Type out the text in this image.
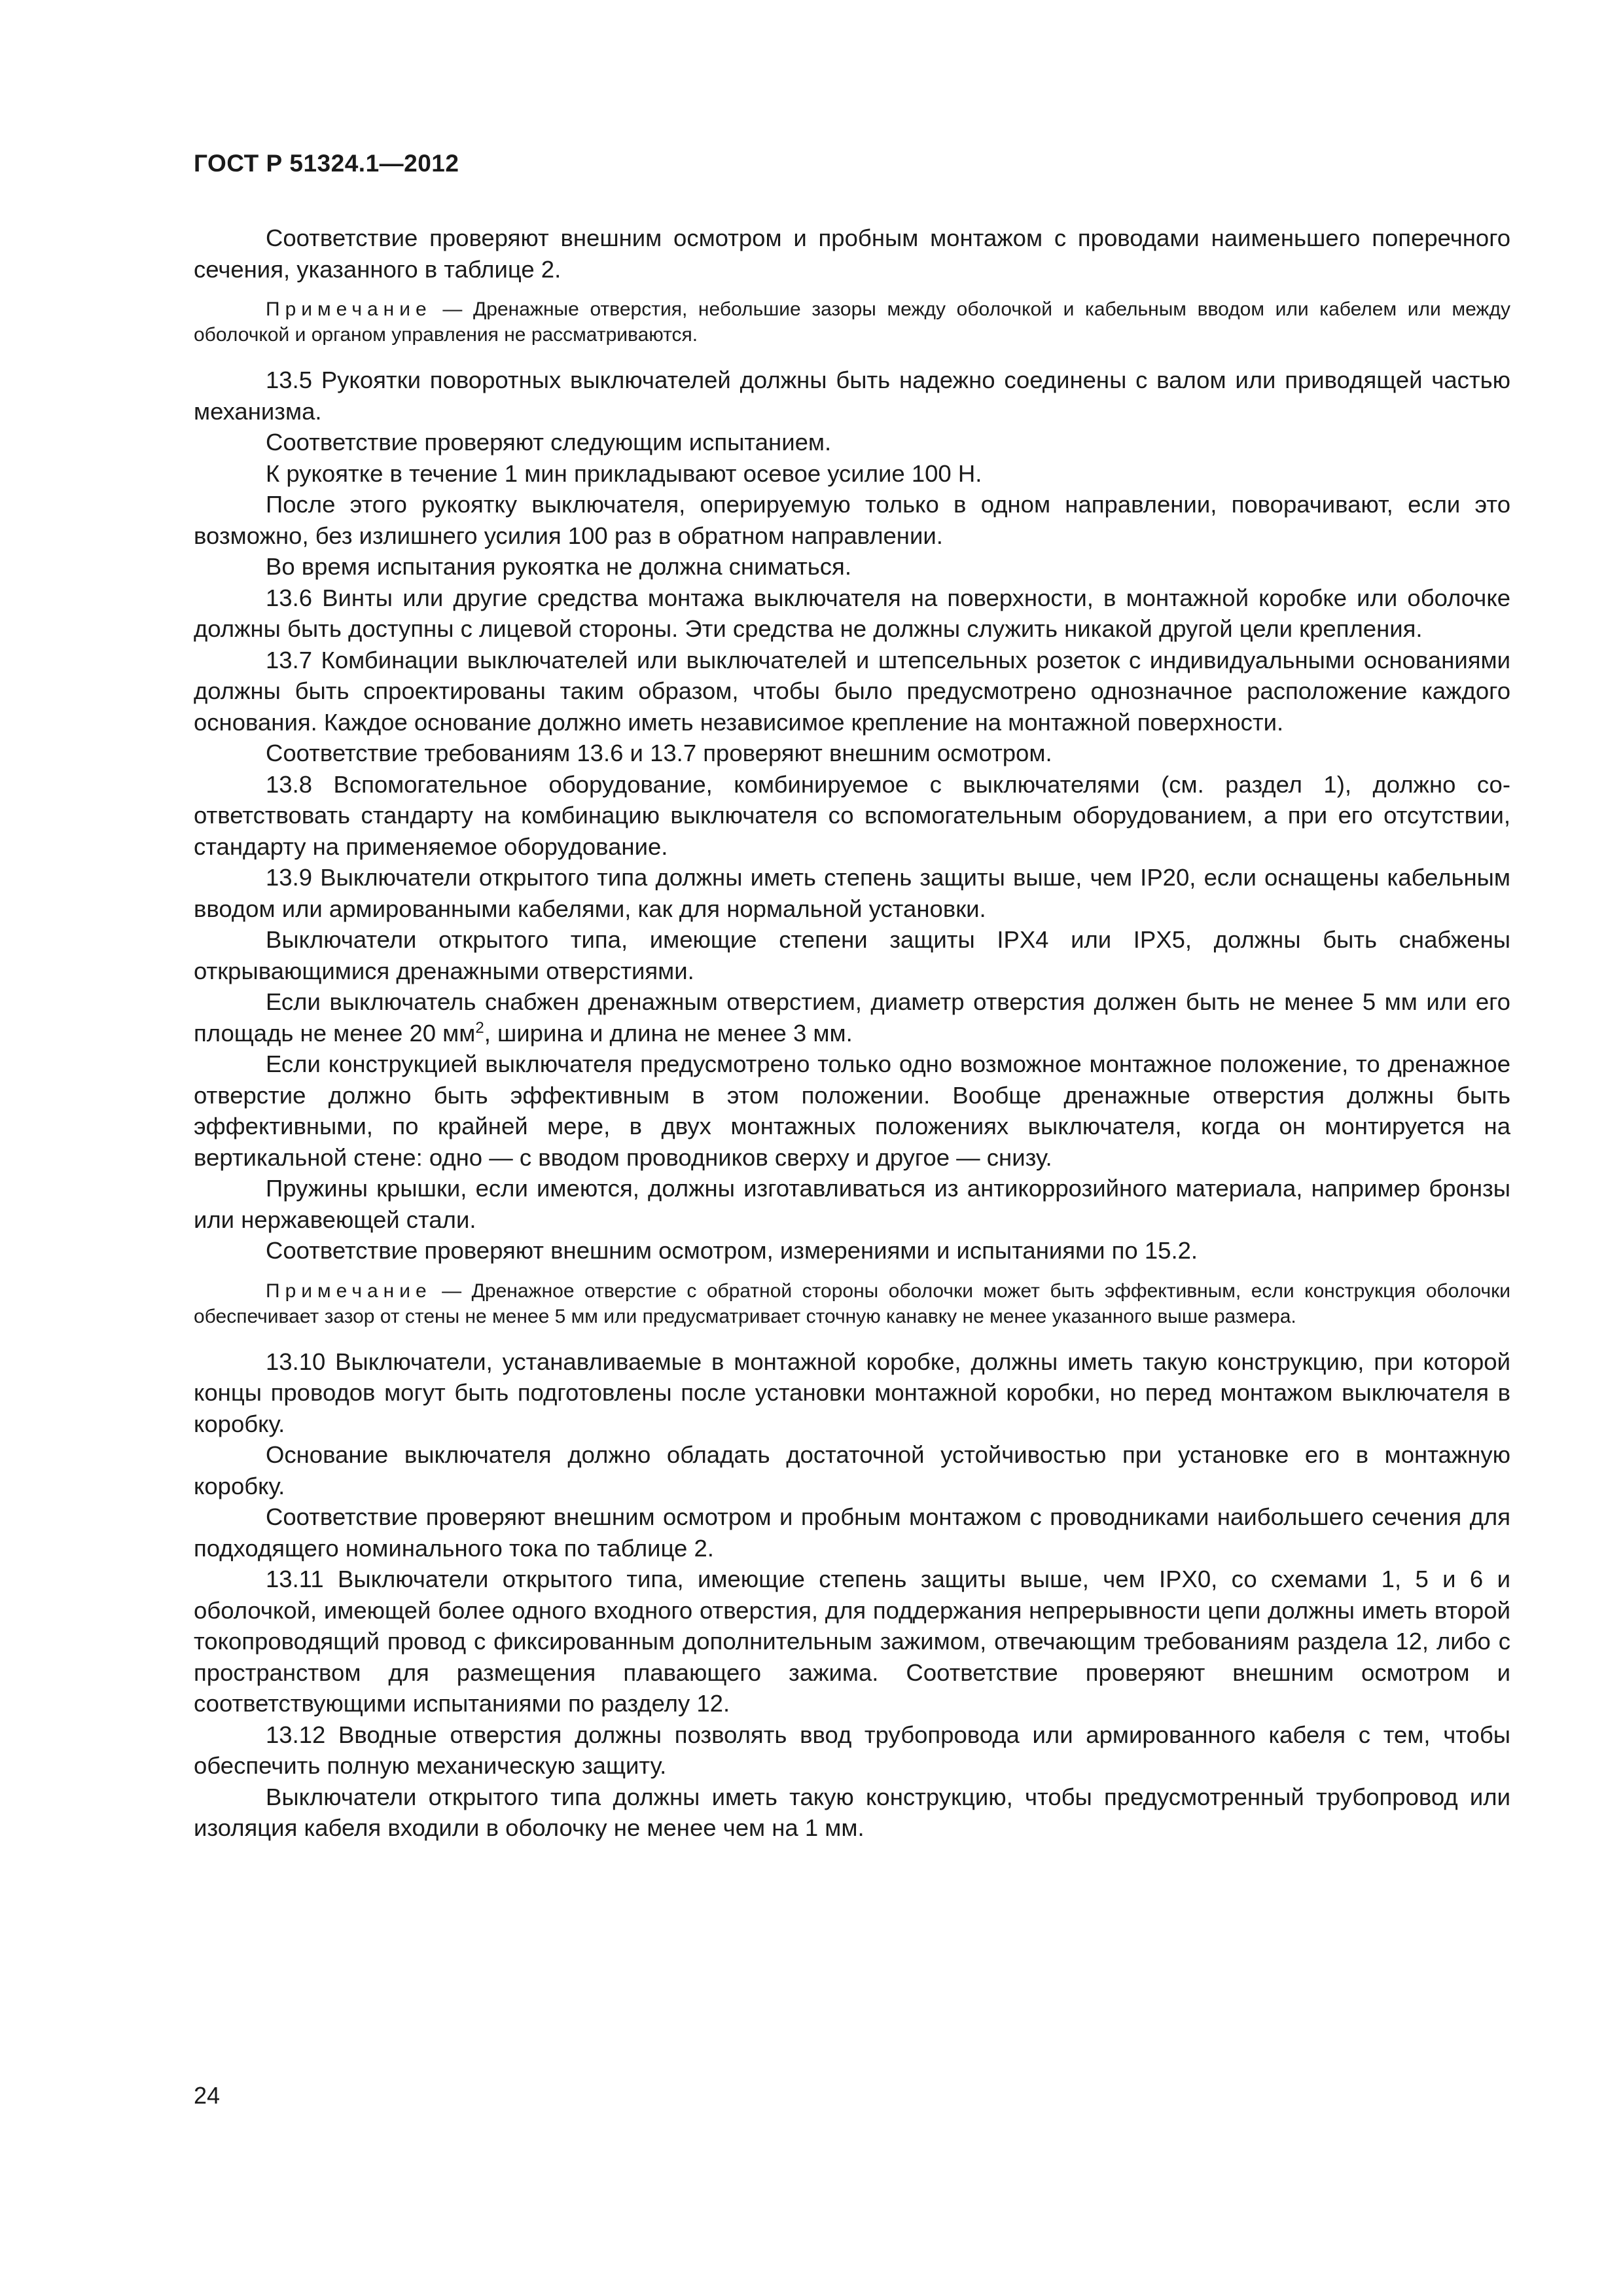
ГОСТ Р 51324.1—2012

Соответствие проверяют внешним осмотром и пробным монтажом с проводами наименьшего поперечного сечения, указанного в таблице 2.

Примечание — Дренажные отверстия, небольшие зазоры между оболочкой и кабельным вводом или кабелем или между оболочкой и органом управления не рассматриваются.

13.5 Рукоятки поворотных выключателей должны быть надежно соединены с валом или приводящей частью механизма.

Соответствие проверяют следующим испытанием.

К рукоятке в течение 1 мин прикладывают осевое усилие 100 Н.

После этого рукоятку выключателя, оперируемую только в одном направлении, поворачивают, если это возможно, без излишнего усилия 100 раз в обратном направлении.

Во время испытания рукоятка не должна сниматься.

13.6 Винты или другие средства монтажа выключателя на поверхности, в монтажной коробке или оболочке должны быть доступны с лицевой стороны. Эти средства не должны служить никакой другой цели крепления.

13.7 Комбинации выключателей или выключателей и штепсельных розеток с индивидуальными основаниями должны быть спроектированы таким образом, чтобы было предусмотрено однозначное расположение каждого основания. Каждое основание должно иметь независимое крепление на монтажной поверхности.

Соответствие требованиям 13.6 и 13.7 проверяют внешним осмотром.

13.8 Вспомогательное оборудование, комбинируемое с выключателями (см. раздел 1), должно соответствовать стандарту на комбинацию выключателя со вспомогательным оборудованием, а при его отсутствии, стандарту на применяемое оборудование.

13.9 Выключатели открытого типа должны иметь степень защиты выше, чем IP20, если оснащены кабельным вводом или армированными кабелями, как для нормальной установки.

Выключатели открытого типа, имеющие степени защиты IPX4 или IPX5, должны быть снабжены открывающимися дренажными отверстиями.

Если выключатель снабжен дренажным отверстием, диаметр отверстия должен быть не менее 5 мм или его площадь не менее 20 $мм^2$, ширина и длина не менее 3 мм.

Если конструкцией выключателя предусмотрено только одно возможное монтажное положение, то дренажное отверстие должно быть эффективным в этом положении. Вообще дренажные отверстия должны быть эффективными, по крайней мере, в двух монтажных положениях выключателя, когда он монтируется на вертикальной стене: одно — с вводом проводников сверху и другое — снизу.

Пружины крышки, если имеются, должны изготавливаться из антикоррозийного материала, например бронзы или нержавеющей стали.

Соответствие проверяют внешним осмотром, измерениями и испытаниями по 15.2.

Примечание — Дренажное отверстие с обратной стороны оболочки может быть эффективным, если конструкция оболочки обеспечивает зазор от стены не менее 5 мм или предусматривает сточную канавку не менее указанного выше размера.

13.10 Выключатели, устанавливаемые в монтажной коробке, должны иметь такую конструкцию, при которой концы проводов могут быть подготовлены после установки монтажной коробки, но перед монтажом выключателя в коробку.

Основание выключателя должно обладать достаточной устойчивостью при установке его в монтажную коробку.

Соответствие проверяют внешним осмотром и пробным монтажом с проводниками наибольшего сечения для подходящего номинального тока по таблице 2.

13.11 Выключатели открытого типа, имеющие степень защиты выше, чем IPX0, со схемами 1, 5 и 6 и оболочкой, имеющей более одного входного отверстия, для поддержания непрерывности цепи должны иметь второй токопроводящий провод с фиксированным дополнительным зажимом, отвечающим требованиям раздела 12, либо с пространством для размещения плавающего зажима. Соответствие проверяют внешним осмотром и соответствующими испытаниями по разделу 12.

13.12 Вводные отверстия должны позволять ввод трубопровода или армированного кабеля с тем, чтобы обеспечить полную механическую защиту.

Выключатели открытого типа должны иметь такую конструкцию, чтобы предусмотренный трубопровод или изоляция кабеля входили в оболочку не менее чем на 1 мм.

24
